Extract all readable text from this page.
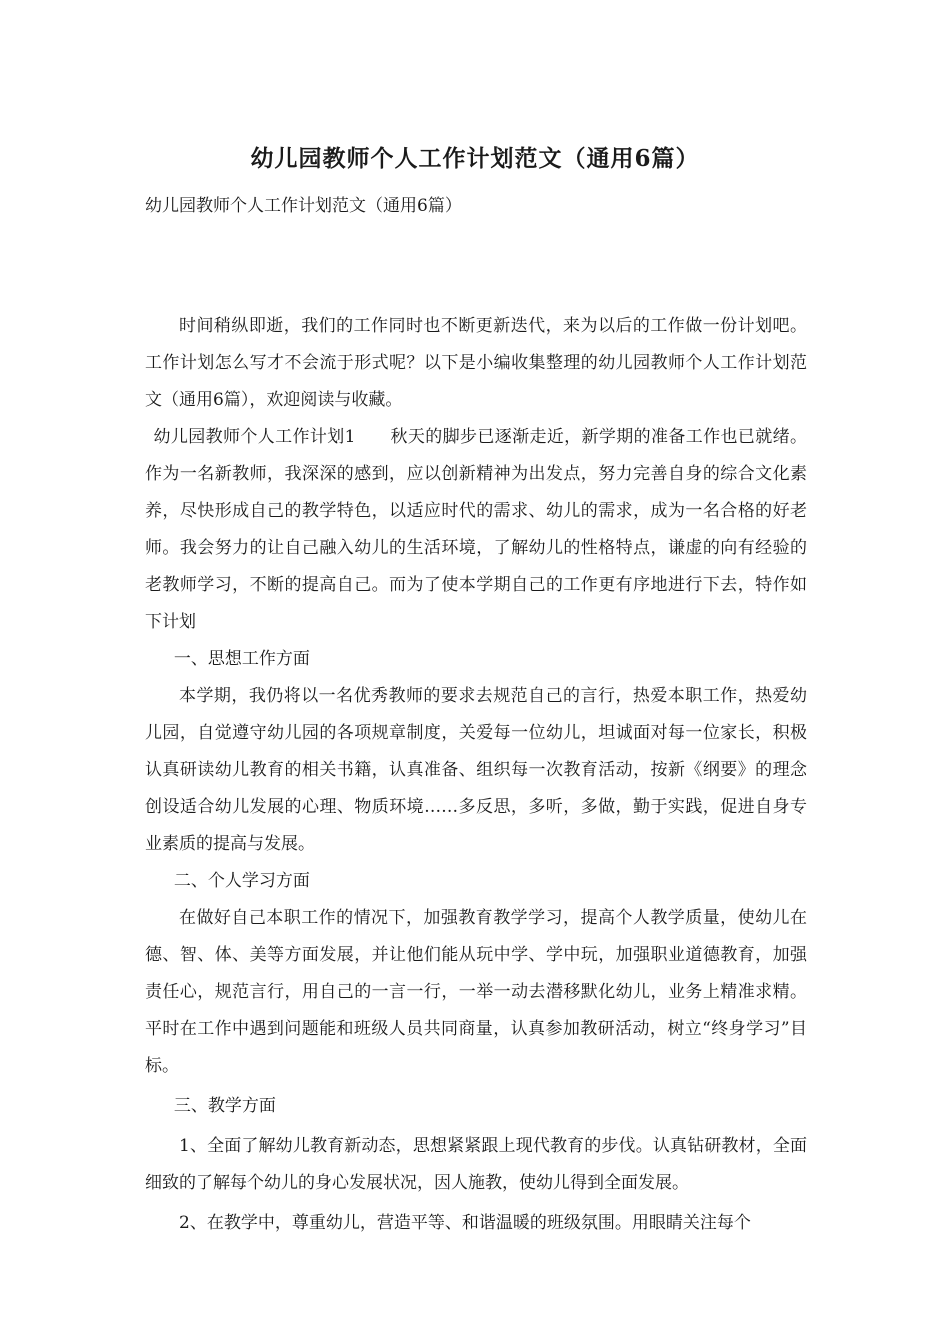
幼儿园教师个人工作计划范文（通用6篇）
幼儿园教师个人工作计划范文（通用6篇）

时间稍纵即逝，我们的工作同时也不断更新迭代，来为以后的工作做一份计划吧。工作计划怎么写才不会流于形式呢？以下是小编收集整理的幼儿园教师个人工作计划范文（通用6篇），欢迎阅读与收藏。

幼儿园教师个人工作计划1　　秋天的脚步已逐渐走近，新学期的准备工作也已就绪。作为一名新教师，我深深的感到，应以创新精神为出发点，努力完善自身的综合文化素养，尽快形成自己的教学特色，以适应时代的需求、幼儿的需求，成为一名合格的好老师。我会努力的让自己融入幼儿的生活环境，了解幼儿的性格特点，谦虚的向有经验的老教师学习，不断的提高自己。而为了使本学期自己的工作更有序地进行下去，特作如下计划

一、思想工作方面

本学期，我仍将以一名优秀教师的要求去规范自己的言行，热爱本职工作，热爱幼儿园，自觉遵守幼儿园的各项规章制度，关爱每一位幼儿，坦诚面对每一位家长，积极认真研读幼儿教育的相关书籍，认真准备、组织每一次教育活动，按新《纲要》的理念创设适合幼儿发展的心理、物质环境……多反思，多听，多做，勤于实践，促进自身专业素质的提高与发展。

二、个人学习方面

在做好自己本职工作的情况下，加强教育教学学习，提高个人教学质量，使幼儿在德、智、体、美等方面发展，并让他们能从玩中学、学中玩，加强职业道德教育，加强责任心，规范言行，用自己的一言一行，一举一动去潜移默化幼儿，业务上精准求精。平时在工作中遇到问题能和班级人员共同商量，认真参加教研活动，树立“终身学习”目标。

三、教学方面

1、全面了解幼儿教育新动态，思想紧紧跟上现代教育的步伐。认真钻研教材，全面细致的了解每个幼儿的身心发展状况，因人施教，使幼儿得到全面发展。

2、在教学中，尊重幼儿，营造平等、和谐温暖的班级氛围。用眼睛关注每个
